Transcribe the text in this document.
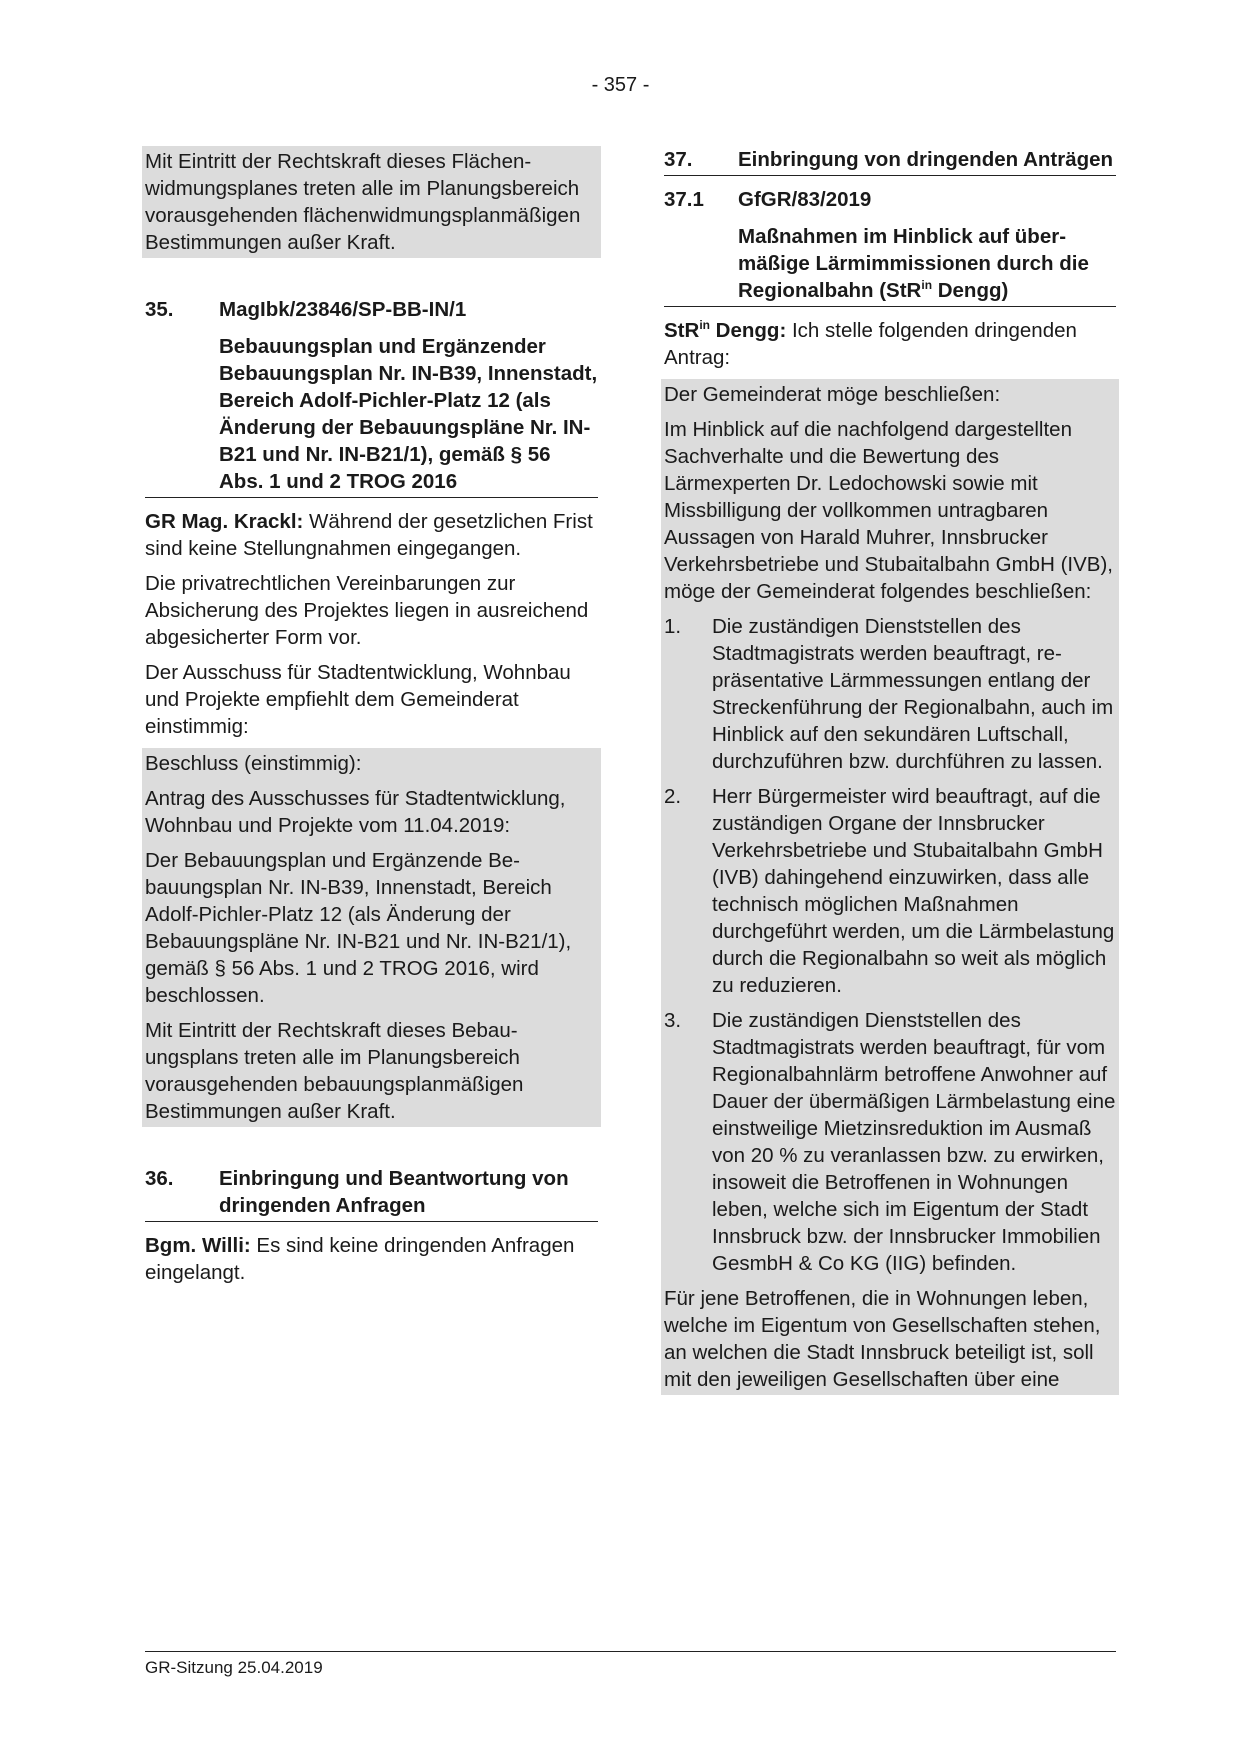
- 357 -

Mit Eintritt der Rechtskraft dieses Flächenwidmungsplanes treten alle im Planungsbereich vorausgehenden flächenwidmungsplanmäßigen Bestimmungen außer Kraft.

35.	MagIbk/23846/SP-BB-IN/1
Bebauungsplan und Ergänzender Bebauungsplan Nr. IN-B39, Innenstadt, Bereich Adolf-Pichler-Platz 12 (als Änderung der Bebauungspläne Nr. IN-B21 und Nr. IN-B21/1), gemäß § 56 Abs. 1 und 2 TROG 2016

GR Mag. Krackl: Während der gesetzlichen Frist sind keine Stellungnahmen eingegangen.

Die privatrechtlichen Vereinbarungen zur Absicherung des Projektes liegen in ausreichend abgesicherter Form vor.

Der Ausschuss für Stadtentwicklung, Wohnbau und Projekte empfiehlt dem Gemeinderat einstimmig:

Beschluss (einstimmig):

Antrag des Ausschusses für Stadtentwicklung, Wohnbau und Projekte vom 11.04.2019:

Der Bebauungsplan und Ergänzende Bebauungsplan Nr. IN-B39, Innenstadt, Bereich Adolf-Pichler-Platz 12 (als Änderung der Bebauungspläne Nr. IN-B21 und Nr. IN-B21/1), gemäß § 56 Abs. 1 und 2 TROG 2016, wird beschlossen.

Mit Eintritt der Rechtskraft dieses Bebauungsplans treten alle im Planungsbereich vorausgehenden bebauungsplanmäßigen Bestimmungen außer Kraft.

36.	Einbringung und Beantwortung von dringenden Anfragen

Bgm. Willi: Es sind keine dringenden Anfragen eingelangt.

37.	Einbringung von dringenden Anträgen
37.1	GfGR/83/2019
Maßnahmen im Hinblick auf übermäßige Lärmimmissionen durch die Regionalbahn (StR$^{in}$ Dengg)

StR$^{in}$ Dengg: Ich stelle folgenden dringenden Antrag:

Der Gemeinderat möge beschließen:

Im Hinblick auf die nachfolgend dargestellten Sachverhalte und die Bewertung des Lärmexperten Dr. Ledochowski sowie mit Missbilligung der vollkommen untragbaren Aussagen von Harald Muhrer, Innsbrucker Verkehrsbetriebe und Stubaitalbahn GmbH (IVB), möge der Gemeinderat folgendes beschließen:

1.	Die zuständigen Dienststellen des Stadtmagistrats werden beauftragt, repräsentative Lärmmessungen entlang der Streckenführung der Regionalbahn, auch im Hinblick auf den sekundären Luftschall, durchzuführen bzw. durchführen zu lassen.
2.	Herr Bürgermeister wird beauftragt, auf die zuständigen Organe der Innsbrucker Verkehrsbetriebe und Stubaitalbahn GmbH (IVB) dahingehend einzuwirken, dass alle technisch möglichen Maßnahmen durchgeführt werden, um die Lärmbelastung durch die Regionalbahn so weit als möglich zu reduzieren.
3.	Die zuständigen Dienststellen des Stadtmagistrats werden beauftragt, für vom Regionalbahnlärm betroffene Anwohner auf Dauer der übermäßigen Lärmbelastung eine einstweilige Mietzinsreduktion im Ausmaß von 20 % zu veranlassen bzw. zu erwirken, insoweit die Betroffenen in Wohnungen leben, welche sich im Eigentum der Stadt Innsbruck bzw. der Innsbrucker Immobilien GesmbH & Co KG (IIG) befinden.

Für jene Betroffenen, die in Wohnungen leben, welche im Eigentum von Gesellschaften stehen, an welchen die Stadt Innsbruck beteiligt ist, soll mit den jeweiligen Gesellschaften über eine

GR-Sitzung 25.04.2019
